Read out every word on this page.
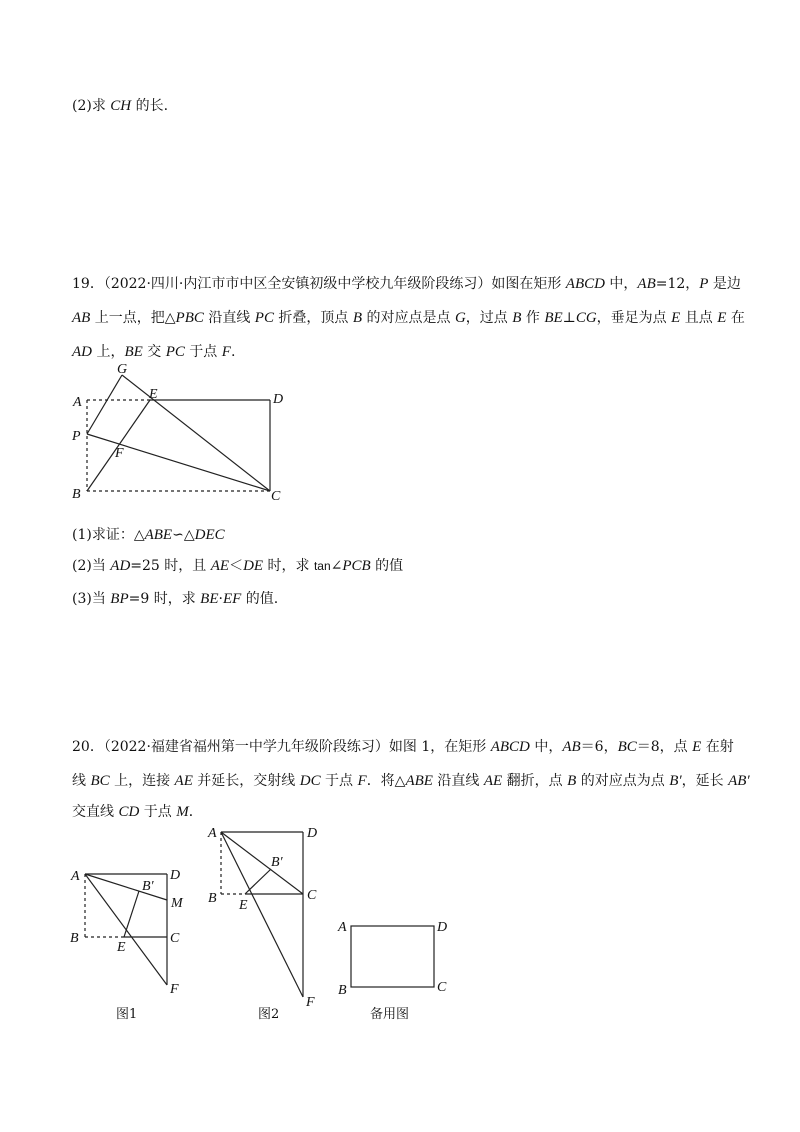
(2)求 CH 的长.
19．（2022·四川·内江市市中区全安镇初级中学校九年级阶段练习）如图在矩形 ABCD 中，AB=12，P 是边
AB 上一点，把△PBC 沿直线 PC 折叠，顶点 B 的对应点是点 G，过点 B 作 BE⊥CG，垂足为点 E 且点 E 在
AD 上，BE 交 PC 于点 F.
G
A
E	D
P
F
B	C
(1)求证：△ABE∽△DEC
(2)当 AD=25 时，且 AE＜DE 时，求 tan∠PCB 的值
(3)当 BP=9 时，求 BE·EF 的值.
20．（2022·福建省福州第一中学九年级阶段练习）如图 1，在矩形 ABCD 中，AB＝6，BC＝8，点 E 在射
线 BC 上，连接 AE 并延长，交射线 DC 于点 F．将△ABE 沿直线 AE 翻折，点 B 的对应点为点 B′，延长 AB′
交直线 CD 于点 M．
A	D
B′
M
B
E
C
F
图1
A	D
B′
C
B E
F
图2
A	D
B	C
备用图
